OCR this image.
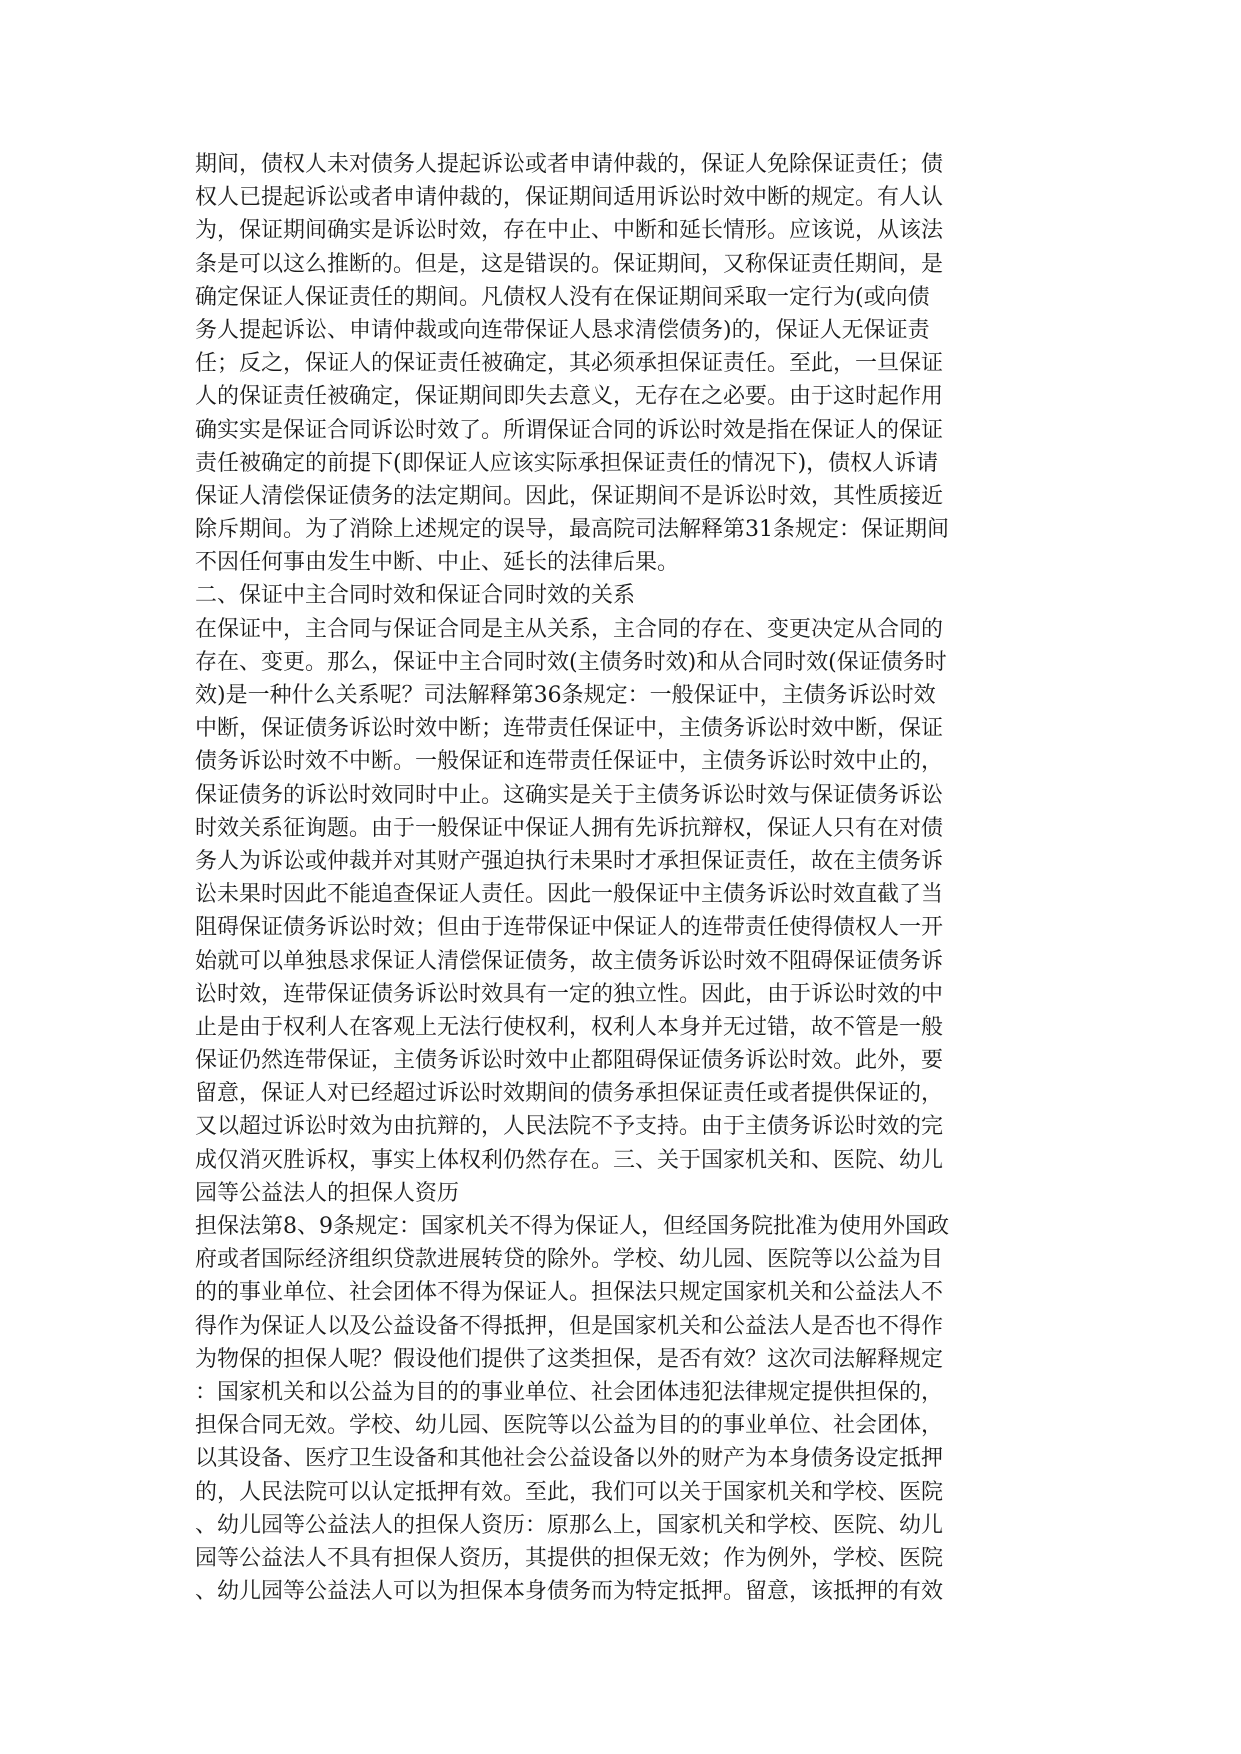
期间，债权人未对债务人提起诉讼或者申请仲裁的，保证人免除保证责任；债
权人已提起诉讼或者申请仲裁的，保证期间适用诉讼时效中断的规定。有人认
为，保证期间确实是诉讼时效，存在中止、中断和延长情形。应该说，从该法
条是可以这么推断的。但是，这是错误的。保证期间，又称保证责任期间，是
确定保证人保证责任的期间。凡债权人没有在保证期间采取一定行为(或向债
务人提起诉讼、申请仲裁或向连带保证人恳求清偿债务)的，保证人无保证责
任；反之，保证人的保证责任被确定，其必须承担保证责任。至此，一旦保证
人的保证责任被确定，保证期间即失去意义，无存在之必要。由于这时起作用
确实实是保证合同诉讼时效了。所谓保证合同的诉讼时效是指在保证人的保证
责任被确定的前提下(即保证人应该实际承担保证责任的情况下)，债权人诉请
保证人清偿保证债务的法定期间。因此，保证期间不是诉讼时效，其性质接近
除斥期间。为了消除上述规定的误导，最高院司法解释第31条规定：保证期间
不因任何事由发生中断、中止、延长的法律后果。
二、保证中主合同时效和保证合同时效的关系
在保证中，主合同与保证合同是主从关系，主合同的存在、变更决定从合同的
存在、变更。那么，保证中主合同时效(主债务时效)和从合同时效(保证债务时
效)是一种什么关系呢？司法解释第36条规定：一般保证中，主债务诉讼时效
中断，保证债务诉讼时效中断；连带责任保证中，主债务诉讼时效中断，保证
债务诉讼时效不中断。一般保证和连带责任保证中，主债务诉讼时效中止的，
保证债务的诉讼时效同时中止。这确实是关于主债务诉讼时效与保证债务诉讼
时效关系征询题。由于一般保证中保证人拥有先诉抗辩权，保证人只有在对债
务人为诉讼或仲裁并对其财产强迫执行未果时才承担保证责任，故在主债务诉
讼未果时因此不能追查保证人责任。因此一般保证中主债务诉讼时效直截了当
阻碍保证债务诉讼时效；但由于连带保证中保证人的连带责任使得债权人一开
始就可以单独恳求保证人清偿保证债务，故主债务诉讼时效不阻碍保证债务诉
讼时效，连带保证债务诉讼时效具有一定的独立性。因此，由于诉讼时效的中
止是由于权利人在客观上无法行使权利，权利人本身并无过错，故不管是一般
保证仍然连带保证，主债务诉讼时效中止都阻碍保证债务诉讼时效。此外，要
留意，保证人对已经超过诉讼时效期间的债务承担保证责任或者提供保证的，
又以超过诉讼时效为由抗辩的，人民法院不予支持。由于主债务诉讼时效的完
成仅消灭胜诉权，事实上体权利仍然存在。三、关于国家机关和、医院、幼儿
园等公益法人的担保人资历
担保法第8、9条规定：国家机关不得为保证人，但经国务院批准为使用外国政
府或者国际经济组织贷款进展转贷的除外。学校、幼儿园、医院等以公益为目
的的事业单位、社会团体不得为保证人。担保法只规定国家机关和公益法人不
得作为保证人以及公益设备不得抵押，但是国家机关和公益法人是否也不得作
为物保的担保人呢？假设他们提供了这类担保，是否有效？这次司法解释规定
：国家机关和以公益为目的的事业单位、社会团体违犯法律规定提供担保的，
担保合同无效。学校、幼儿园、医院等以公益为目的的事业单位、社会团体，
以其设备、医疗卫生设备和其他社会公益设备以外的财产为本身债务设定抵押
的，人民法院可以认定抵押有效。至此，我们可以关于国家机关和学校、医院
、幼儿园等公益法人的担保人资历：原那么上，国家机关和学校、医院、幼儿
园等公益法人不具有担保人资历，其提供的担保无效；作为例外，学校、医院
、幼儿园等公益法人可以为担保本身债务而为特定抵押。留意，该抵押的有效
